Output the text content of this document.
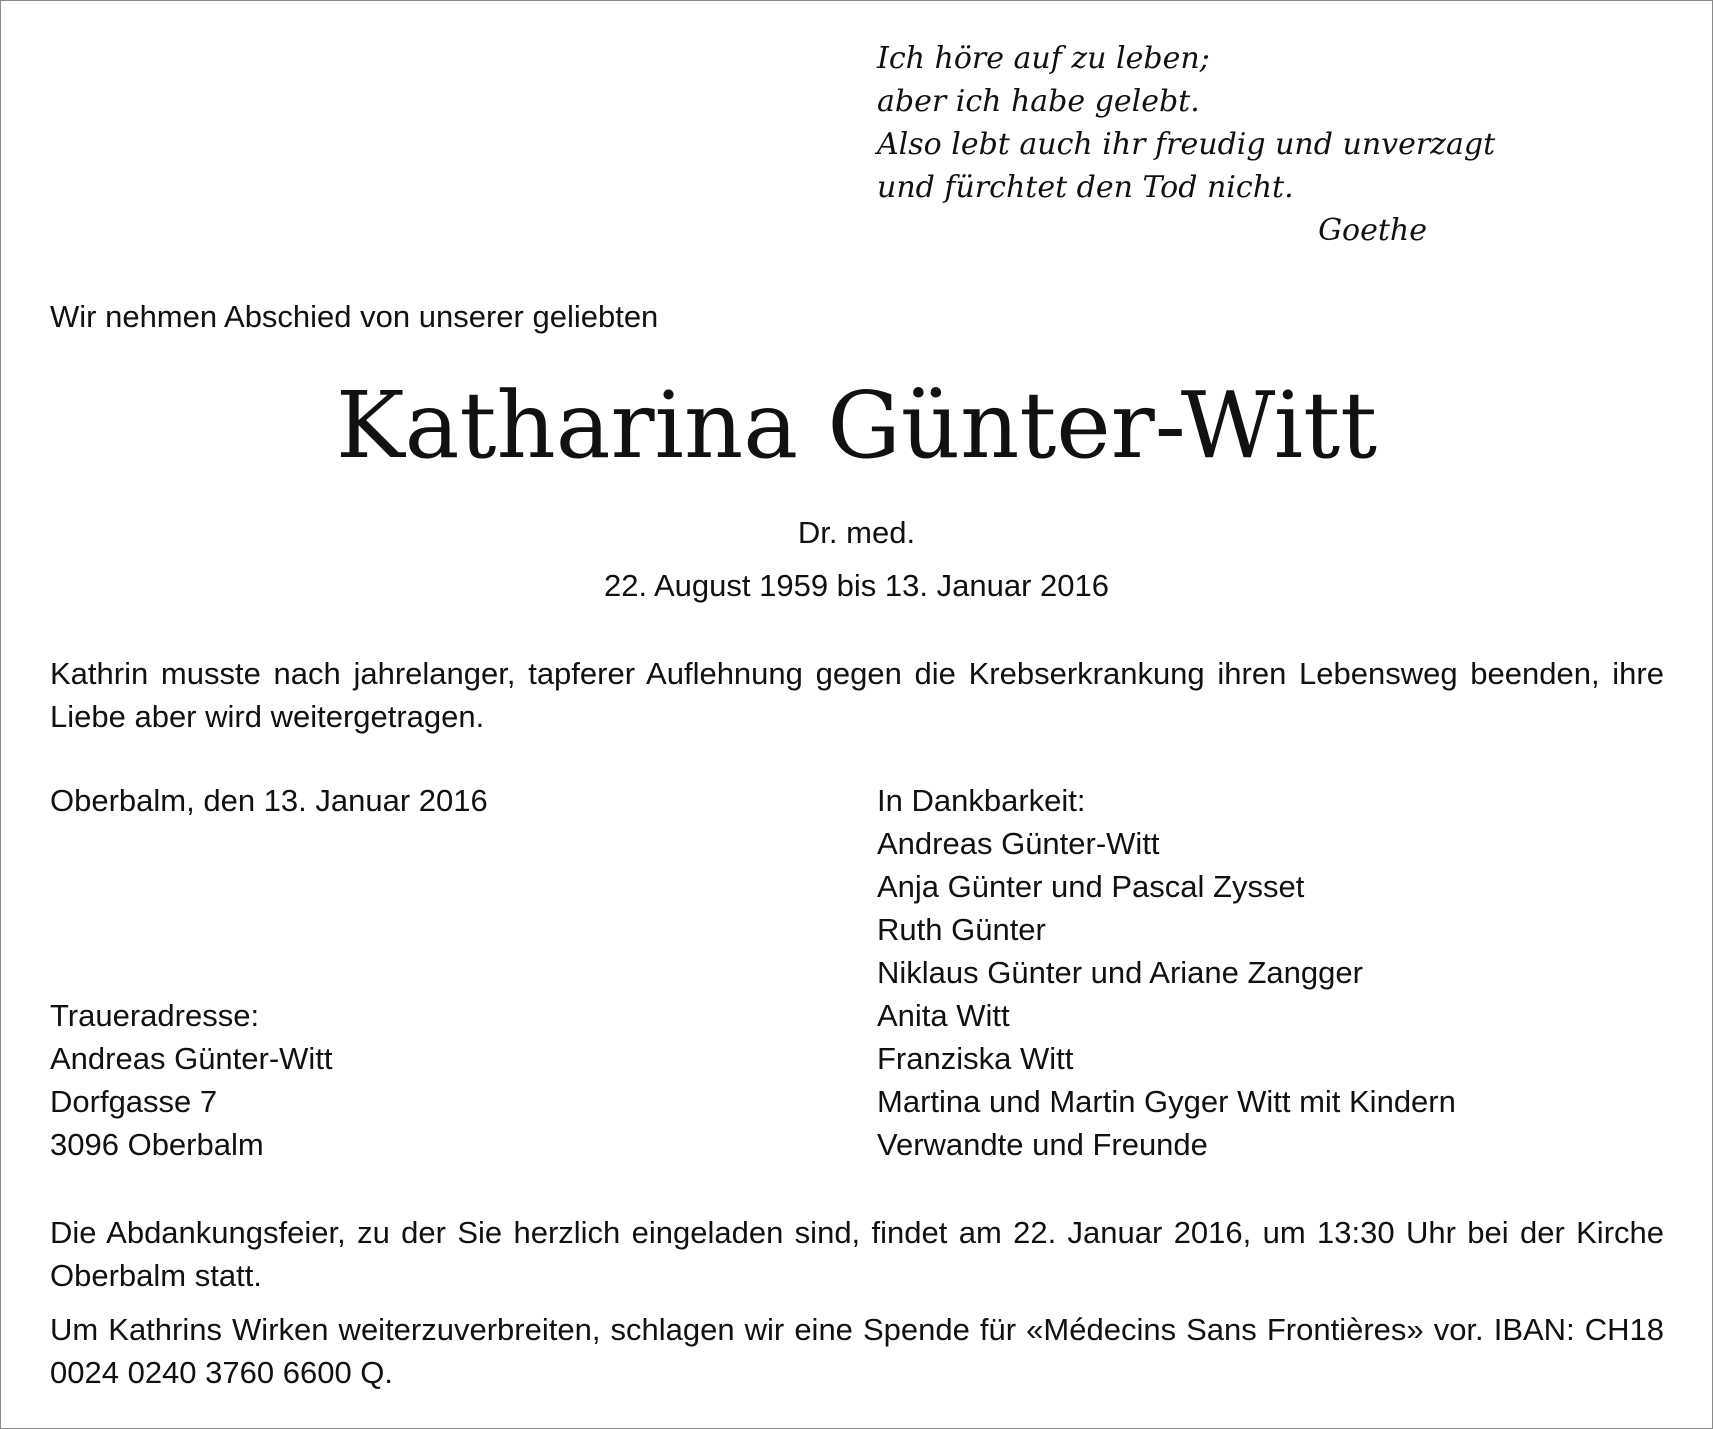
Ich höre auf zu leben;
aber ich habe gelebt.
Also lebt auch ihr freudig und unverzagt
und fürchtet den Tod nicht.
Goethe
Wir nehmen Abschied von unserer geliebten
Katharina Günter-Witt
Dr. med.
22. August 1959 bis 13. Januar 2016
Kathrin musste nach jahrelanger, tapferer Auflehnung gegen die Krebserkrankung ihren Lebensweg beenden, ihre Liebe aber wird weitergetragen.
Oberbalm, den 13. Januar 2016
Traueradresse:
Andreas Günter-Witt
Dorfgasse 7
3096 Oberbalm
In Dankbarkeit:
Andreas Günter-Witt
Anja Günter und Pascal Zysset
Ruth Günter
Niklaus Günter und Ariane Zangger
Anita Witt
Franziska Witt
Martina und Martin Gyger Witt mit Kindern
Verwandte und Freunde
Die Abdankungsfeier, zu der Sie herzlich eingeladen sind, findet am 22. Januar 2016, um 13:30 Uhr bei der Kirche Oberbalm statt.
Um Kathrins Wirken weiterzuverbreiten, schlagen wir eine Spende für «Médecins Sans Frontières» vor. IBAN: CH18 0024 0240 3760 6600 Q.
